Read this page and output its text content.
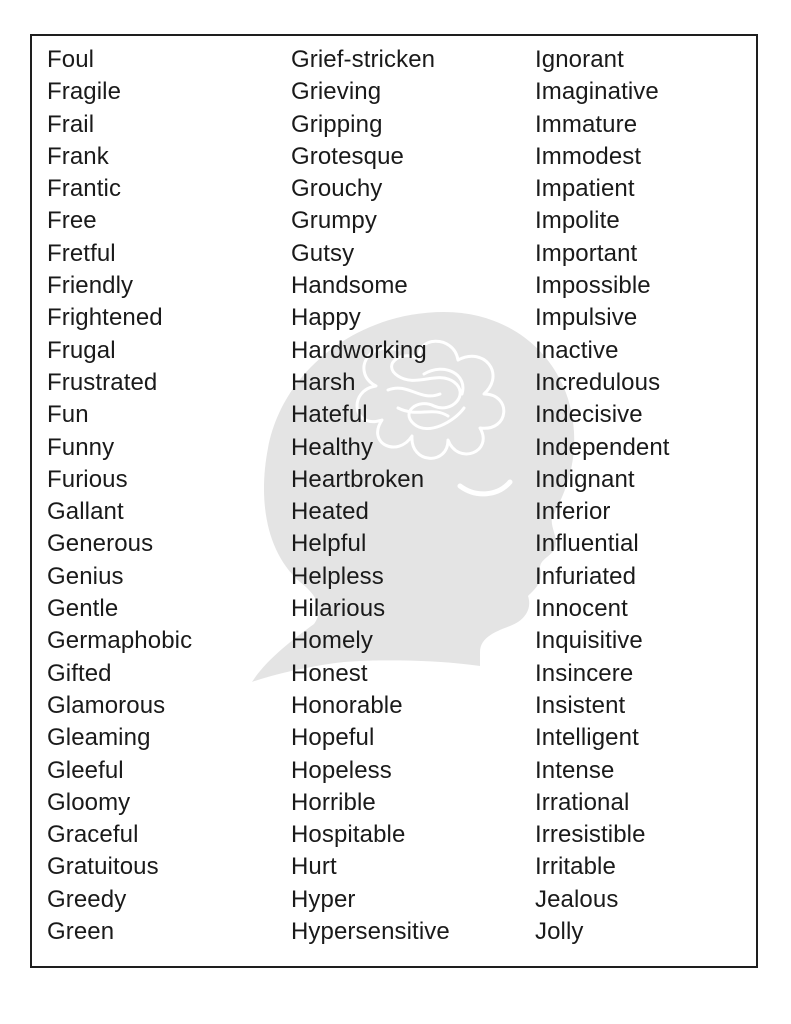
Foul
Fragile
Frail
Frank
Frantic
Free
Fretful
Friendly
Frightened
Frugal
Frustrated
Fun
Funny
Furious
Gallant
Generous
Genius
Gentle
Germaphobic
Gifted
Glamorous
Gleaming
Gleeful
Gloomy
Graceful
Gratuitous
Greedy
Green
Grief-stricken
Grieving
Gripping
Grotesque
Grouchy
Grumpy
Gutsy
Handsome
Happy
Hardworking
Harsh
Hateful
Healthy
Heartbroken
Heated
Helpful
Helpless
Hilarious
Homely
Honest
Honorable
Hopeful
Hopeless
Horrible
Hospitable
Hurt
Hyper
Hypersensitive
Ignorant
Imaginative
Immature
Immodest
Impatient
Impolite
Important
Impossible
Impulsive
Inactive
Incredulous
Indecisive
Independent
Indignant
Inferior
Influential
Infuriated
Innocent
Inquisitive
Insincere
Insistent
Intelligent
Intense
Irrational
Irresistible
Irritable
Jealous
Jolly
